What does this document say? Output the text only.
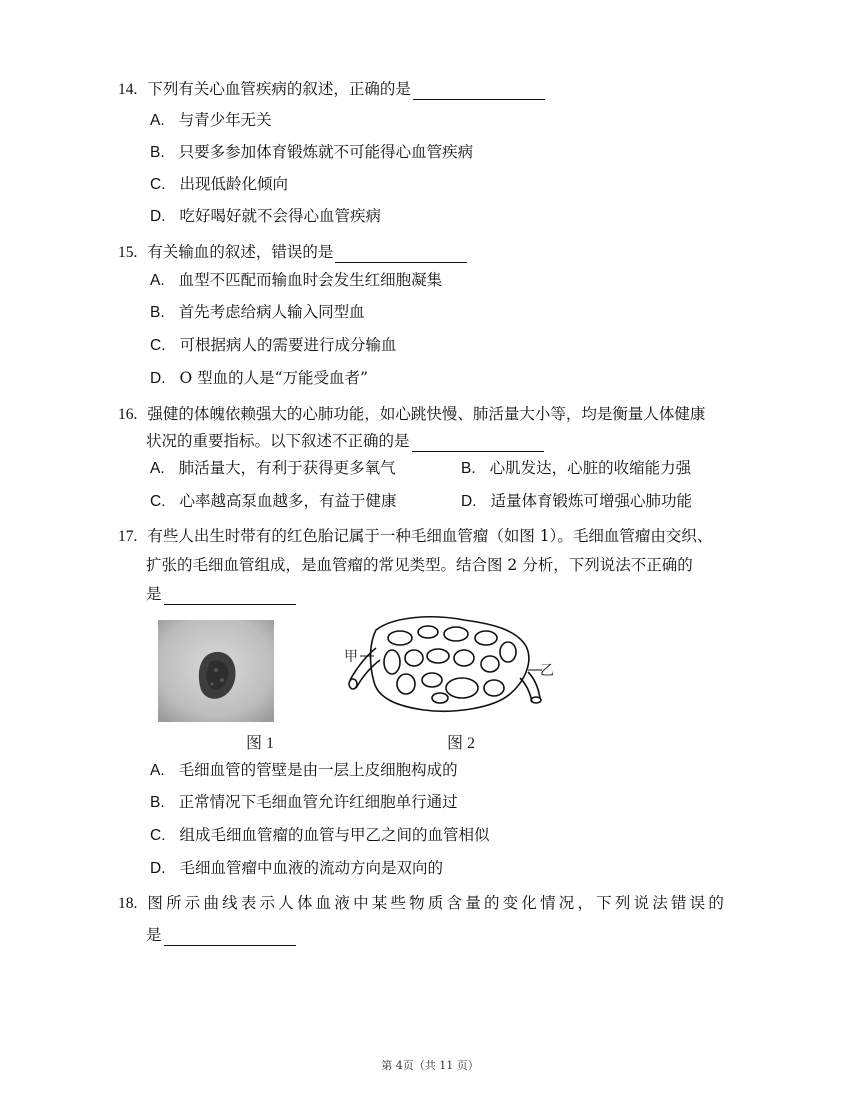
14. 下列有关心血管疾病的叙述，正确的是
A. 与青少年无关
B. 只要多参加体育锻炼就不可能得心血管疾病
C. 出现低龄化倾向
D. 吃好喝好就不会得心血管疾病
15. 有关输血的叙述，错误的是
A. 血型不匹配而输血时会发生红细胞凝集
B. 首先考虑给病人输入同型血
C. 可根据病人的需要进行成分输血
D. O 型血的人是“万能受血者”
16. 强健的体魄依赖强大的心肺功能，如心跳快慢、肺活量大小等，均是衡量人体健康
状况的重要指标。以下叙述不正确的是
A. 肺活量大，有利于获得更多氧气	B. 心肌发达，心脏的收缩能力强
C. 心率越高泵血越多，有益于健康	D. 适量体育锻炼可增强心肺功能
17. 有些人出生时带有的红色胎记属于一种毛细血管瘤（如图 1）。毛细血管瘤由交织、
扩张的毛细血管组成，是血管瘤的常见类型。结合图 2 分析，下列说法不正确的
是
图 1
甲
乙
图 2
A. 毛细血管的管壁是由一层上皮细胞构成的
B. 正常情况下毛细血管允许红细胞单行通过
C. 组成毛细血管瘤的血管与甲乙之间的血管相似
D. 毛细血管瘤中血液的流动方向是双向的
18. 图所示曲线表示人体血液中某些物质含量的变化情况，下列说法错误的
是
第 4页（共 11 页）
